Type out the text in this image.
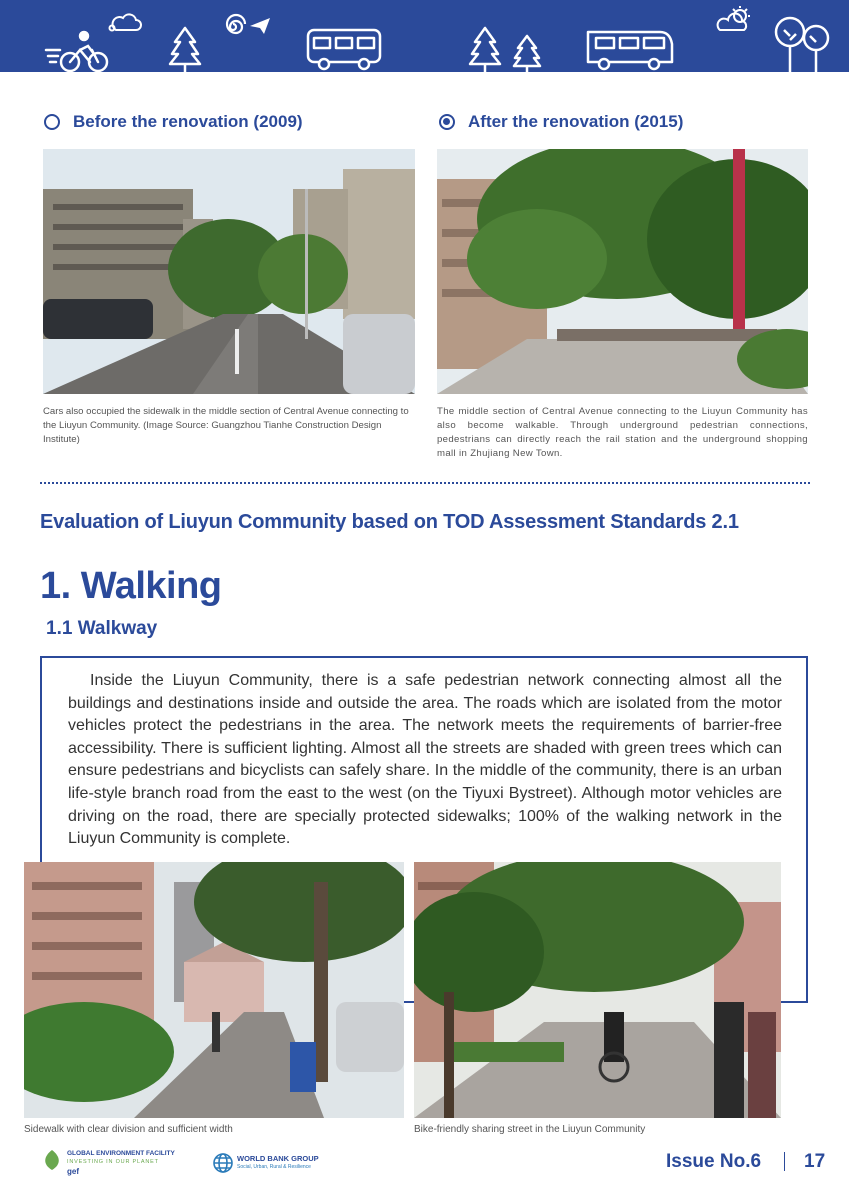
Before the renovation (2009)	After the renovation (2015)
Cars also occupied the sidewalk in the middle section of Central Avenue connecting to the Liuyun Community. (Image Source: Guangzhou Tianhe Construction Design Institute)
The middle section of Central Avenue connecting to the Liuyun Community has also become walkable. Through underground pedestrian connections, pedestrians can directly reach the rail station and the underground shopping mall in Zhujiang New Town.
Evaluation of Liuyun Community based on TOD Assessment Standards 2.1
1. Walking
1.1 Walkway

Inside the Liuyun Community, there is a safe pedestrian network connecting almost all the buildings and destinations inside and outside the area. The roads which are isolated from the motor vehicles protect the pedestrians in the area. The network meets the requirements of barrier-free accessibility. There is sufficient lighting. Almost all the streets are shaded with green trees which can ensure pedestrians and bicyclists can safely share. In the middle of the community, there is an urban life-style branch road from the east to the west (on the Tiyuxi Bystreet). Although motor vehicles are driving on the road, there are specially protected sidewalks; 100% of the walking network in the Liuyun Community is complete.

Sidewalk with clear division and sufficient width	Bike-friendly sharing street in the Liuyun Community
GLOBAL ENVIRONMENT FACILITY
INVESTING IN OUR PLANET
gef
WORLD BANK GROUP
Social, Urban, Rural & Resilience	Issue No.6 17
